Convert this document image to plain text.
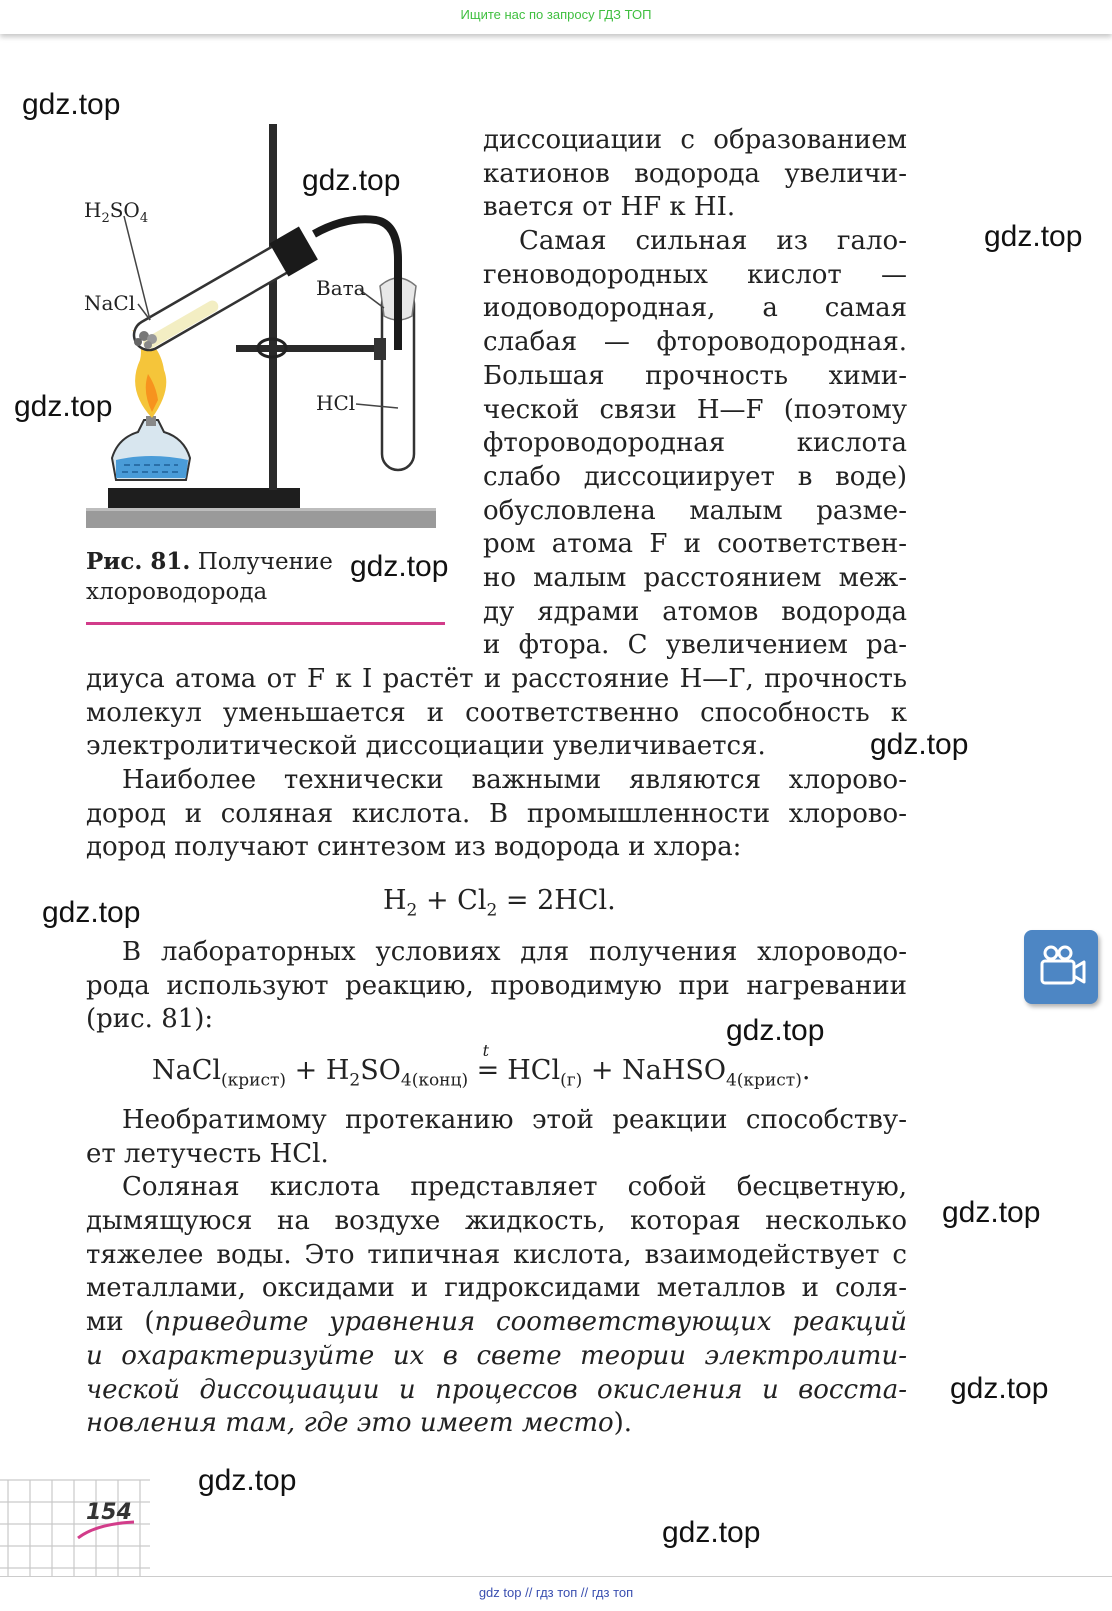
Ищите нас по запросу ГДЗ ТОП
$H_2SO_4$
NaCl
Вата
HCl
Рис. 81. Получение
хлороводорода
диссоциации с образованием
катионов водорода увеличи-
вается от HF к HI.
Самая сильная из гало-
геноводородных кислот —
иодоводородная, а самая
слабая — фтороводородная.
Большая прочность хими-
ческой связи H—F (поэтому
фтороводородная кислота
слабо диссоциирует в воде)
обусловлена малым разме-
ром атома F и соответствен-
но малым расстоянием меж-
ду ядрами атомов водорода
и фтора. С увеличением ра-
диуса атома от F к I растёт и расстояние H—Г, прочность
молекул уменьшается и соответственно способность к
электролитической диссоциации увеличивается.
Наиболее технически важными являются хлорово-
дород и соляная кислота. В промышленности хлорово-
дород получают синтезом из водорода и хлора:
$H_2 + Cl_2 = 2HCl$.
В лабораторных условиях для получения хлороводо-
рода используют реакцию, проводимую при нагревании
(рис. 81):
NaCl$_{(крист)}$ + $H_2SO_{4(конц)}$
t
= HCl$_{(г)}$ + NaHSO$_{4(крист)}$.
Необратимому протеканию этой реакции способству-
ет летучесть HCl.
Соляная кислота представляет собой бесцветную,
дымящуюся на воздухе жидкость, которая несколько
тяжелее воды. Это типичная кислота, взаимодействует с
металлами, оксидами и гидроксидами металлов и соля-
ми (приведите уравнения соответствующих реакций
и охарактеризуйте их в свете теории электролити-
ческой диссоциации и процессов окисления и восста-
новления там, где это имеет место).
gdz.top
gdz.top
gdz.top
gdz.top
gdz.top
gdz.top
gdz.top
gdz.top
gdz.top
gdz.top
gdz.top
gdz.top
154
gdz top // гдз топ // гдз топ
